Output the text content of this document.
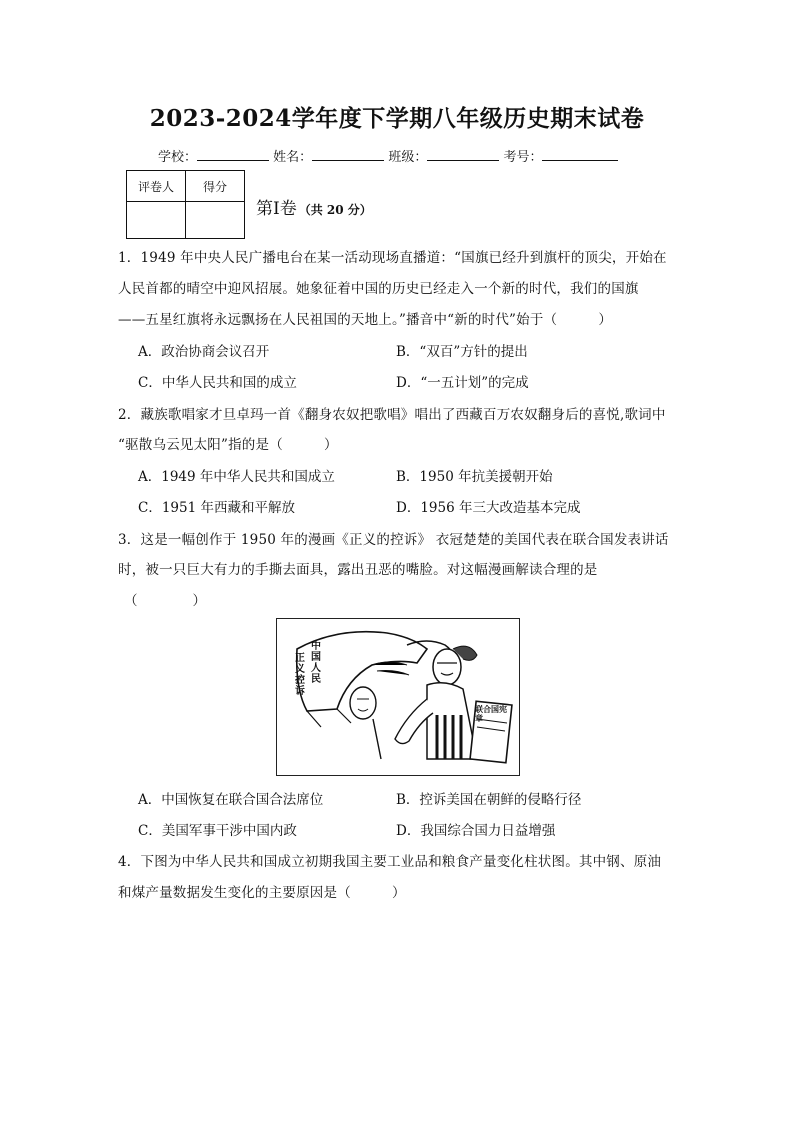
2023-2024学年度下学期八年级历史期末试卷
学校：	姓名：	班级：	考号：
评卷人	得分

第Ⅰ卷 （共 20 分）
1．1949 年中央人民广播电台在某一活动现场直播道：“国旗已经升到旗杆的顶尖，开始在
人民首都的晴空中迎风招展。她象征着中国的历史已经走入一个新的时代，我们的国旗
——五星红旗将永远飘扬在人民祖国的天地上。”播音中“新的时代”始于（　　　）
A．政治协商会议召开	B．“双百”方针的提出
C．中华人民共和国的成立	D．“一五计划”的完成
2．藏族歌唱家才旦卓玛一首《翻身农奴把歌唱》唱出了西藏百万农奴翻身后的喜悦,歌词中
“驱散乌云见太阳”指的是（　　　）
A．1949 年中华人民共和国成立	B．1950 年抗美援朝开始
C．1951 年西藏和平解放	D．1956 年三大改造基本完成
3．这是一幅创作于 1950 年的漫画《正义的控诉》 衣冠楚楚的美国代表在联合国发表讲话
时，被一只巨大有力的手撕去面具，露出丑恶的嘴脸。对这幅漫画解读合理的是
（　　　　）
中国人民
正义控诉
联合国宪章
A．中国恢复在联合国合法席位	B．控诉美国在朝鲜的侵略行径
C．美国军事干涉中国内政	D．我国综合国力日益增强
4．下图为中华人民共和国成立初期我国主要工业品和粮食产量变化柱状图。其中钢、原油
和煤产量数据发生变化的主要原因是（　　　）
